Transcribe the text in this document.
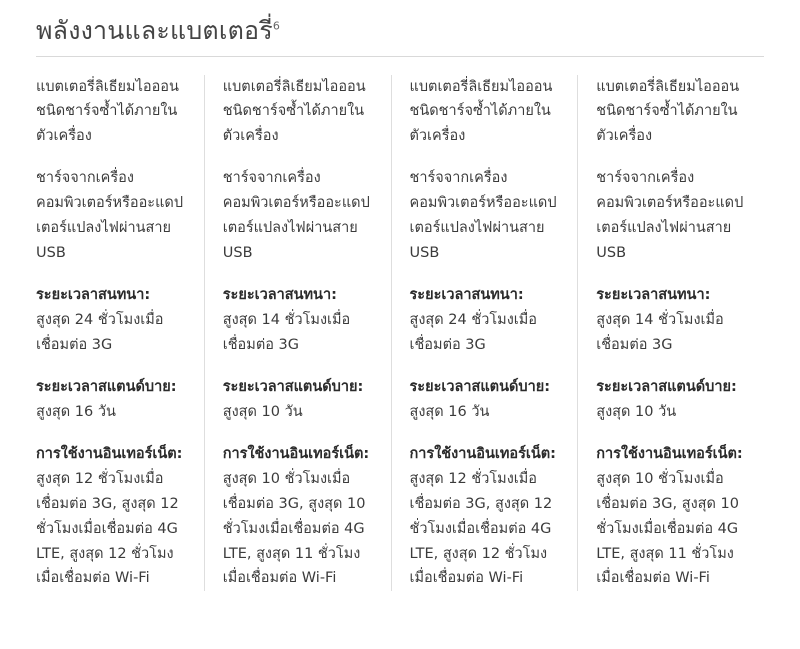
พลังงานและแบตเตอรี่$^6$
แบตเตอรี่ลิเธียมไอออนชนิดชาร์จซ้ำได้ภายในตัวเครื่อง
ชาร์จจากเครื่องคอมพิวเตอร์หรืออะแดปเตอร์แปลงไฟผ่านสาย USB
ระยะเวลาสนทนา:
สูงสุด 24 ชั่วโมงเมื่อเชื่อมต่อ 3G
ระยะเวลาสแตนด์บาย:
สูงสุด 16 วัน
การใช้งานอินเทอร์เน็ต:
สูงสุด 12 ชั่วโมงเมื่อเชื่อมต่อ 3G, สูงสุด 12 ชั่วโมงเมื่อเชื่อมต่อ 4G LTE, สูงสุด 12 ชั่วโมงเมื่อเชื่อมต่อ Wi-Fi
แบตเตอรี่ลิเธียมไอออนชนิดชาร์จซ้ำได้ภายในตัวเครื่อง
ชาร์จจากเครื่องคอมพิวเตอร์หรืออะแดปเตอร์แปลงไฟผ่านสาย USB
ระยะเวลาสนทนา:
สูงสุด 14 ชั่วโมงเมื่อเชื่อมต่อ 3G
ระยะเวลาสแตนด์บาย:
สูงสุด 10 วัน
การใช้งานอินเทอร์เน็ต:
สูงสุด 10 ชั่วโมงเมื่อเชื่อมต่อ 3G, สูงสุด 10 ชั่วโมงเมื่อเชื่อมต่อ 4G LTE, สูงสุด 11 ชั่วโมงเมื่อเชื่อมต่อ Wi-Fi
แบตเตอรี่ลิเธียมไอออนชนิดชาร์จซ้ำได้ภายในตัวเครื่อง
ชาร์จจากเครื่องคอมพิวเตอร์หรืออะแดปเตอร์แปลงไฟผ่านสาย USB
ระยะเวลาสนทนา:
สูงสุด 24 ชั่วโมงเมื่อเชื่อมต่อ 3G
ระยะเวลาสแตนด์บาย:
สูงสุด 16 วัน
การใช้งานอินเทอร์เน็ต:
สูงสุด 12 ชั่วโมงเมื่อเชื่อมต่อ 3G, สูงสุด 12 ชั่วโมงเมื่อเชื่อมต่อ 4G LTE, สูงสุด 12 ชั่วโมงเมื่อเชื่อมต่อ Wi-Fi
แบตเตอรี่ลิเธียมไอออนชนิดชาร์จซ้ำได้ภายในตัวเครื่อง
ชาร์จจากเครื่องคอมพิวเตอร์หรืออะแดปเตอร์แปลงไฟผ่านสาย USB
ระยะเวลาสนทนา:
สูงสุด 14 ชั่วโมงเมื่อเชื่อมต่อ 3G
ระยะเวลาสแตนด์บาย:
สูงสุด 10 วัน
การใช้งานอินเทอร์เน็ต:
สูงสุด 10 ชั่วโมงเมื่อเชื่อมต่อ 3G, สูงสุด 10 ชั่วโมงเมื่อเชื่อมต่อ 4G LTE, สูงสุด 11 ชั่วโมงเมื่อเชื่อมต่อ Wi-Fi
